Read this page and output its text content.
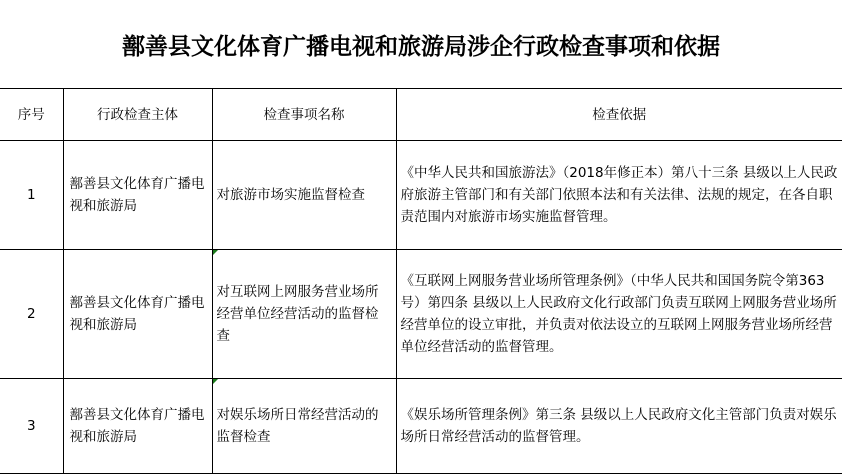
鄯善县文化体育广播电视和旅游局涉企行政检查事项和依据
序号	行政检查主体	检查事项名称	检查依据
1	鄯善县文化体育广播电视和旅游局	对旅游市场实施监督检查	《中华人民共和国旅游法》（2018年修正本）第八十三条 县级以上人民政府旅游主管部门和有关部门依照本法和有关法律、法规的规定，在各自职责范围内对旅游市场实施监督管理。
2	鄯善县文化体育广播电视和旅游局	对互联网上网服务营业场所经营单位经营活动的监督检查	《互联网上网服务营业场所管理条例》（中华人民共和国国务院令第363号）第四条 县级以上人民政府文化行政部门负责互联网上网服务营业场所经营单位的设立审批，并负责对依法设立的互联网上网服务营业场所经营单位经营活动的监督管理。
3	鄯善县文化体育广播电视和旅游局	对娱乐场所日常经营活动的监督检查	《娱乐场所管理条例》第三条 县级以上人民政府文化主管部门负责对娱乐场所日常经营活动的监督管理。
